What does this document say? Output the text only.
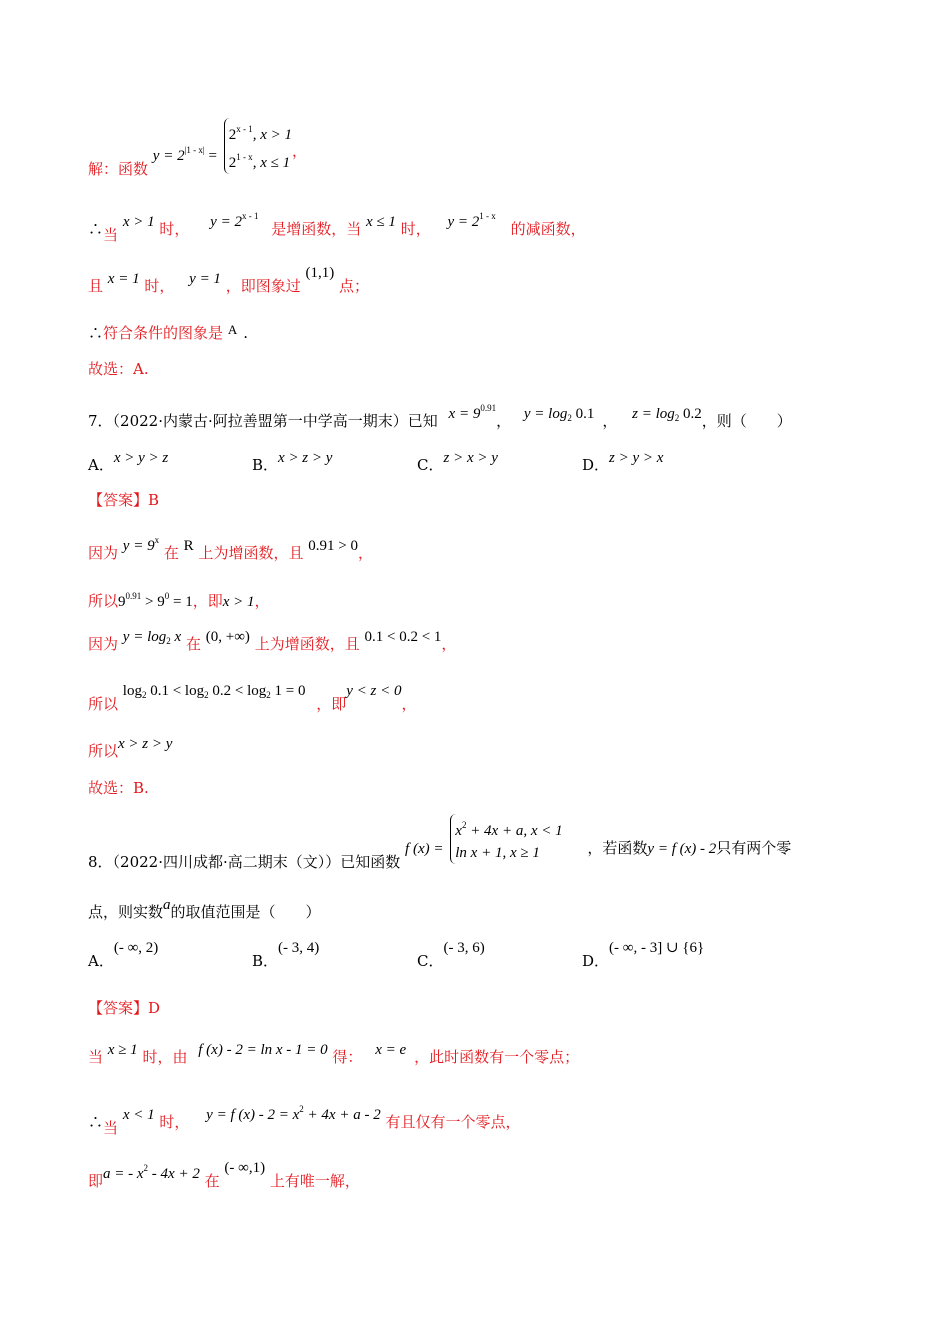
解：函数 $y = 2^{|1 - x|} = 2^{x - 1}$, x > 1
2$^{1 - x}$, x ≤ 1，
∴当 x > 1 时， $y = 2^{x - 1}$ 是增函数，当 x ≤ 1 时， $y = 2^{1 - x}$ 的减函数，
且 x = 1 时， y = 1 ，即图象过 (1,1) 点；
∴符合条件的图象是 A .
故选：A.
7．（2022·内蒙古·阿拉善盟第一中学高一期末）已知 $x = 9^{0.91}$， $y = \log_2 0.1$ ， $z = \log_2 0.2$，则（　　）
A．x > y > z	B．x > z > y	C．z > x > y	D．z > y > x
【答案】B
因为 $y = 9^x$ 在 R 上为增函数，且 0.91 > 0，
所以$9^{0.91} > 9^0 = 1$，即x > 1，
因为 $y = \log_2 x$ 在 (0, +∞) 上为增函数，且 0.1 < 0.2 < 1，
所以 $\log_2 0.1 < \log_2 0.2 < \log_2 1 = 0$ ，即y < z < 0，
所以x > z > y
故选：B.
8．（2022·四川成都·高二期末（文））已知函数 f $(x) = x^2 + 4x + a$, x < 1
ln x + 1, x ≥ 1	，若函数y = f (x) - 2只有两个零
点，则实数a的取值范围是（　　）
A．(- ∞, 2)
B．(- 3, 4)
C．(- 3, 6)
D．(- ∞, - 3] ∪ {6}
【答案】D
当 x ≥ 1 时，由 f (x) - 2 = ln x - 1 = 0 得： x = e ，此时函数有一个零点；
∴当 x < 1 时， y = f $(x) - 2 = x^2 + 4x + a - 2$ 有且仅有一个零点，
即a = - $x^2 - 4x + 2$ 在 (- ∞,1) 上有唯一解，
